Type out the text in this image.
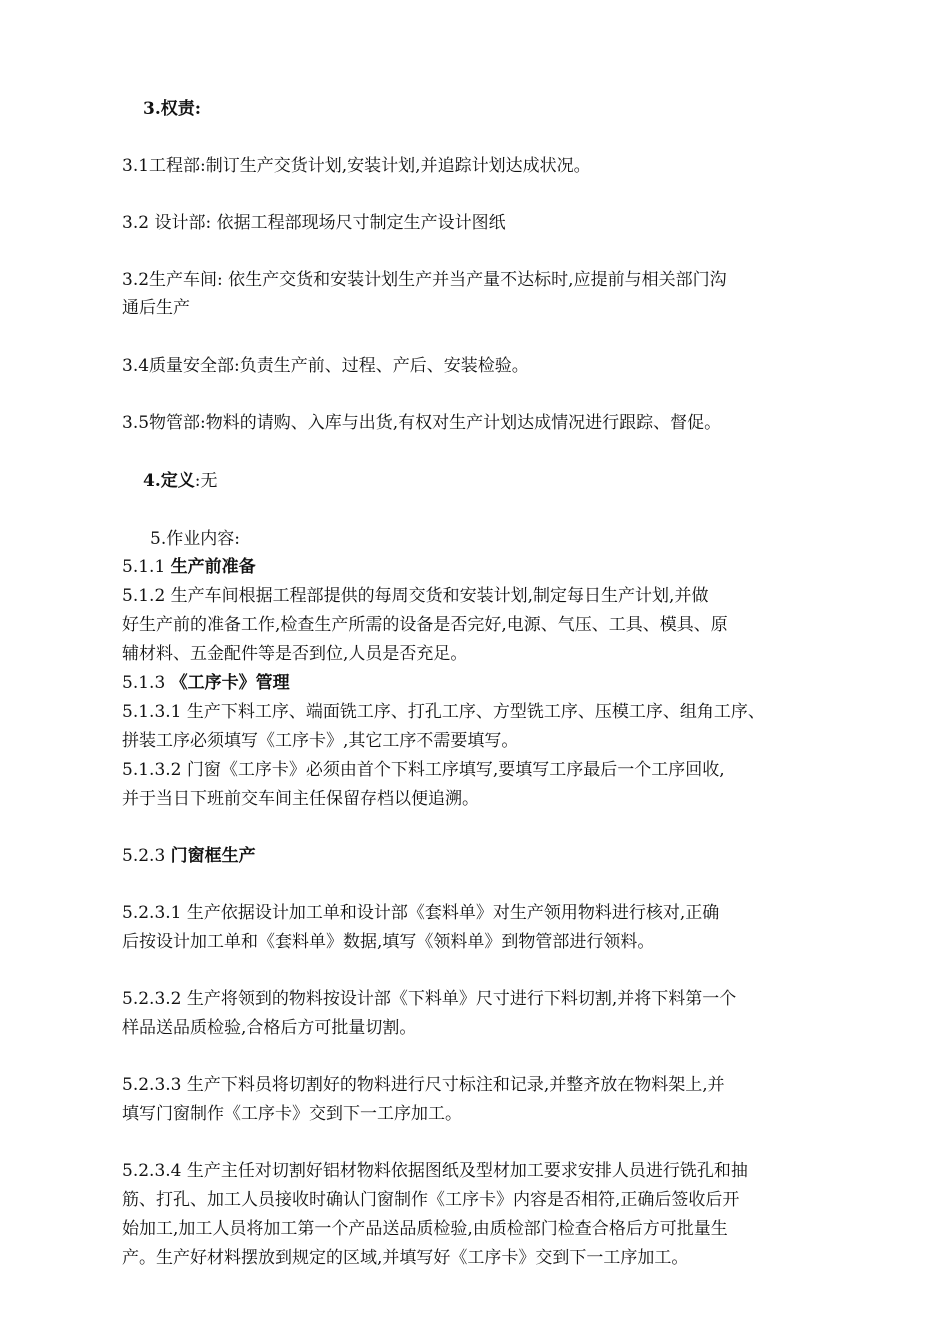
3.权责:
3.1工程部:制订生产交货计划,安装计划,并追踪计划达成状况。
3.2 设计部: 依据工程部现场尺寸制定生产设计图纸
3.2生产车间: 依生产交货和安装计划生产并当产量不达标时,应提前与相关部门沟
通后生产
3.4质量安全部:负责生产前、过程、产后、安装检验。
3.5物管部:物料的请购、入库与出货,有权对生产计划达成情况进行跟踪、督促。
4.定义:无
5.作业内容:
5.1.1 生产前准备
5.1.2 生产车间根据工程部提供的每周交货和安装计划,制定每日生产计划,并做
好生产前的准备工作,检查生产所需的设备是否完好,电源、气压、工具、模具、原
辅材料、五金配件等是否到位,人员是否充足。
5.1.3 《工序卡》管理
5.1.3.1 生产下料工序、端面铣工序、打孔工序、方型铣工序、压模工序、组角工序、
拼装工序必须填写《工序卡》,其它工序不需要填写。
5.1.3.2 门窗《工序卡》必须由首个下料工序填写,要填写工序最后一个工序回收,
并于当日下班前交车间主任保留存档以便追溯。
5.2.3 门窗框生产
5.2.3.1 生产依据设计加工单和设计部《套料单》对生产领用物料进行核对,正确
后按设计加工单和《套料单》数据,填写《领料单》到物管部进行领料。
5.2.3.2 生产将领到的物料按设计部《下料单》尺寸进行下料切割,并将下料第一个
样品送品质检验,合格后方可批量切割。
5.2.3.3 生产下料员将切割好的物料进行尺寸标注和记录,并整齐放在物料架上,并
填写门窗制作《工序卡》交到下一工序加工。
5.2.3.4 生产主任对切割好铝材物料依据图纸及型材加工要求安排人员进行铣孔和抽
筋、打孔、加工人员接收时确认门窗制作《工序卡》内容是否相符,正确后签收后开
始加工,加工人员将加工第一个产品送品质检验,由质检部门检查合格后方可批量生
产。生产好材料摆放到规定的区域,并填写好《工序卡》交到下一工序加工。
